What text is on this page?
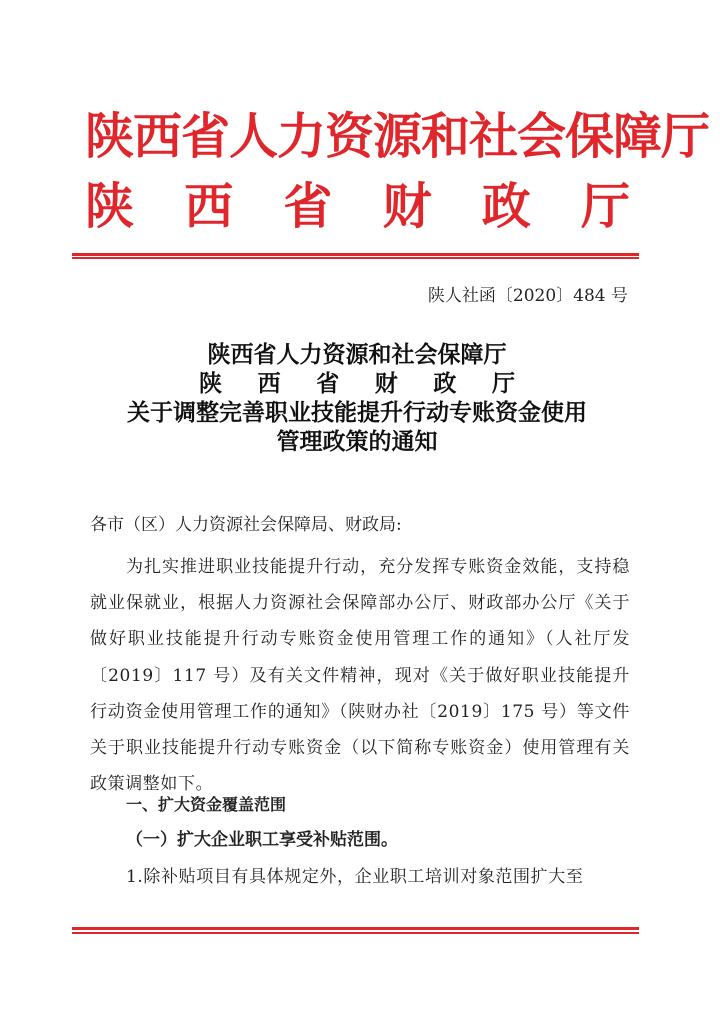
陕西省人力资源和社会保障厅
陕 西 省 财 政 厅
陕人社函〔2020〕484 号
陕西省人力资源和社会保障厅
陕 西 省 财 政 厅
关于调整完善职业技能提升行动专账资金使用
管理政策的通知
各市（区）人力资源社会保障局、财政局:
为扎实推进职业技能提升行动，充分发挥专账资金效能，支持稳就业保就业，根据人力资源社会保障部办公厅、财政部办公厅《关于做好职业技能提升行动专账资金使用管理工作的通知》（人社厅发〔2019〕117 号）及有关文件精神，现对《关于做好职业技能提升行动资金使用管理工作的通知》（陕财办社〔2019〕175 号）等文件关于职业技能提升行动专账资金（以下简称专账资金）使用管理有关政策调整如下。
一、扩大资金覆盖范围
（一）扩大企业职工享受补贴范围。
1.除补贴项目有具体规定外，企业职工培训对象范围扩大至
